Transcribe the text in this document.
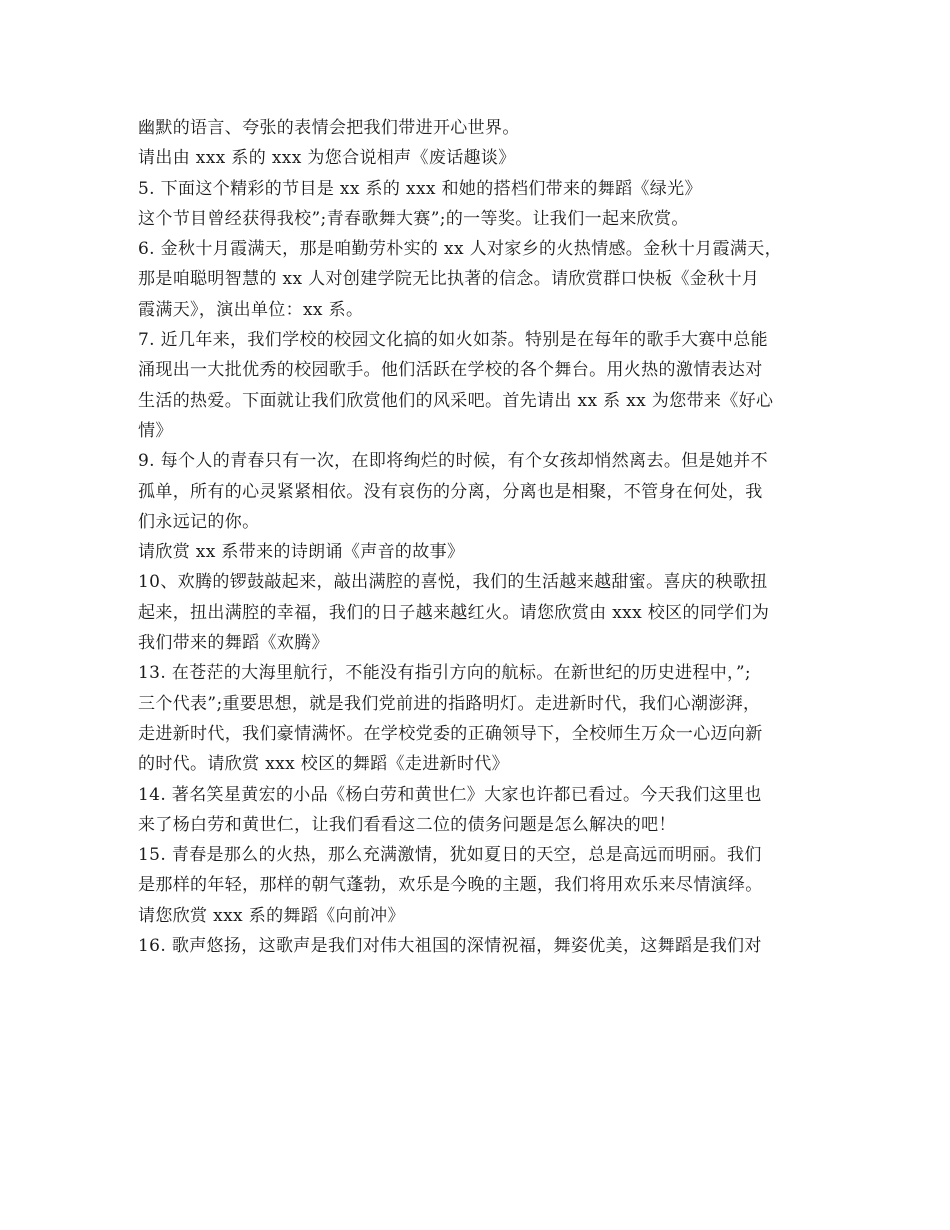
幽默的语言、夸张的表情会把我们带进开心世界。
请出由 xxx 系的 xxx 为您合说相声《废话趣谈》
5. 下面这个精彩的节目是 xx 系的 xxx 和她的搭档们带来的舞蹈《绿光》
这个节目曾经获得我校”;青春歌舞大赛”;的一等奖。让我们一起来欣赏。
6. 金秋十月霞满天，那是咱勤劳朴实的 xx 人对家乡的火热情感。金秋十月霞满天，
那是咱聪明智慧的 xx 人对创建学院无比执著的信念。请欣赏群口快板《金秋十月
霞满天》，演出单位：xx 系。
7. 近几年来，我们学校的校园文化搞的如火如荼。特别是在每年的歌手大赛中总能
涌现出一大批优秀的校园歌手。他们活跃在学校的各个舞台。用火热的激情表达对
生活的热爱。下面就让我们欣赏他们的风采吧。首先请出 xx 系 xx 为您带来《好心
情》
9. 每个人的青春只有一次，在即将绚烂的时候，有个女孩却悄然离去。但是她并不
孤单，所有的心灵紧紧相依。没有哀伤的分离，分离也是相聚，不管身在何处，我
们永远记的你。
请欣赏 xx 系带来的诗朗诵《声音的故事》
10、欢腾的锣鼓敲起来，敲出满腔的喜悦，我们的生活越来越甜蜜。喜庆的秧歌扭
起来，扭出满腔的幸福，我们的日子越来越红火。请您欣赏由 xxx 校区的同学们为
我们带来的舞蹈《欢腾》
13. 在苍茫的大海里航行，不能没有指引方向的航标。在新世纪的历史进程中，”;
三个代表”;重要思想，就是我们党前进的指路明灯。走进新时代，我们心潮澎湃，
走进新时代，我们豪情满怀。在学校党委的正确领导下，全校师生万众一心迈向新
的时代。请欣赏 xxx 校区的舞蹈《走进新时代》
14. 著名笑星黄宏的小品《杨白劳和黄世仁》大家也许都已看过。今天我们这里也
来了杨白劳和黄世仁，让我们看看这二位的债务问题是怎么解决的吧！
15. 青春是那么的火热，那么充满激情，犹如夏日的天空，总是高远而明丽。我们
是那样的年轻，那样的朝气蓬勃，欢乐是今晚的主题，我们将用欢乐来尽情演绎。
请您欣赏 xxx 系的舞蹈《向前冲》
16. 歌声悠扬，这歌声是我们对伟大祖国的深情祝福，舞姿优美，这舞蹈是我们对
